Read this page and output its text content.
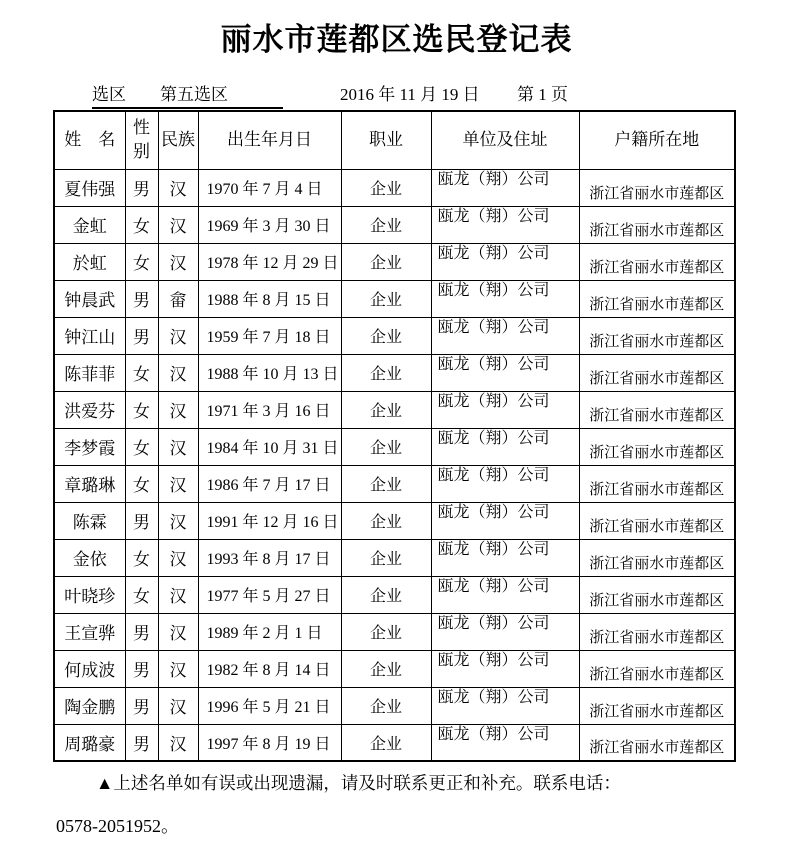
丽水市莲都区选民登记表
选区 第五选区	2016 年 11 月 19 日 第 1 页
姓　名	性别	民族	出生年月日	职业	单位及住址	户籍所在地
夏伟强	男	汉	1970 年 7 月 4 日	企业	瓯龙（翔）公司	浙江省丽水市莲都区
金虹	女	汉	1969 年 3 月 30 日	企业	瓯龙（翔）公司	浙江省丽水市莲都区
於虹	女	汉	1978 年 12 月 29 日	企业	瓯龙（翔）公司	浙江省丽水市莲都区
钟晨武	男	畲	1988 年 8 月 15 日	企业	瓯龙（翔）公司	浙江省丽水市莲都区
钟江山	男	汉	1959 年 7 月 18 日	企业	瓯龙（翔）公司	浙江省丽水市莲都区
陈菲菲	女	汉	1988 年 10 月 13 日	企业	瓯龙（翔）公司	浙江省丽水市莲都区
洪爱芬	女	汉	1971 年 3 月 16 日	企业	瓯龙（翔）公司	浙江省丽水市莲都区
李梦霞	女	汉	1984 年 10 月 31 日	企业	瓯龙（翔）公司	浙江省丽水市莲都区
章璐琳	女	汉	1986 年 7 月 17 日	企业	瓯龙（翔）公司	浙江省丽水市莲都区
陈霖	男	汉	1991 年 12 月 16 日	企业	瓯龙（翔）公司	浙江省丽水市莲都区
金依	女	汉	1993 年 8 月 17 日	企业	瓯龙（翔）公司	浙江省丽水市莲都区
叶晓珍	女	汉	1977 年 5 月 27 日	企业	瓯龙（翔）公司	浙江省丽水市莲都区
王宣骅	男	汉	1989 年 2 月 1 日	企业	瓯龙（翔）公司	浙江省丽水市莲都区
何成波	男	汉	1982 年 8 月 14 日	企业	瓯龙（翔）公司	浙江省丽水市莲都区
陶金鹏	男	汉	1996 年 5 月 21 日	企业	瓯龙（翔）公司	浙江省丽水市莲都区
周璐豪	男	汉	1997 年 8 月 19 日	企业	瓯龙（翔）公司	浙江省丽水市莲都区
▲上述名单如有误或出现遗漏，请及时联系更正和补充。联系电话：
0578-2051952。
